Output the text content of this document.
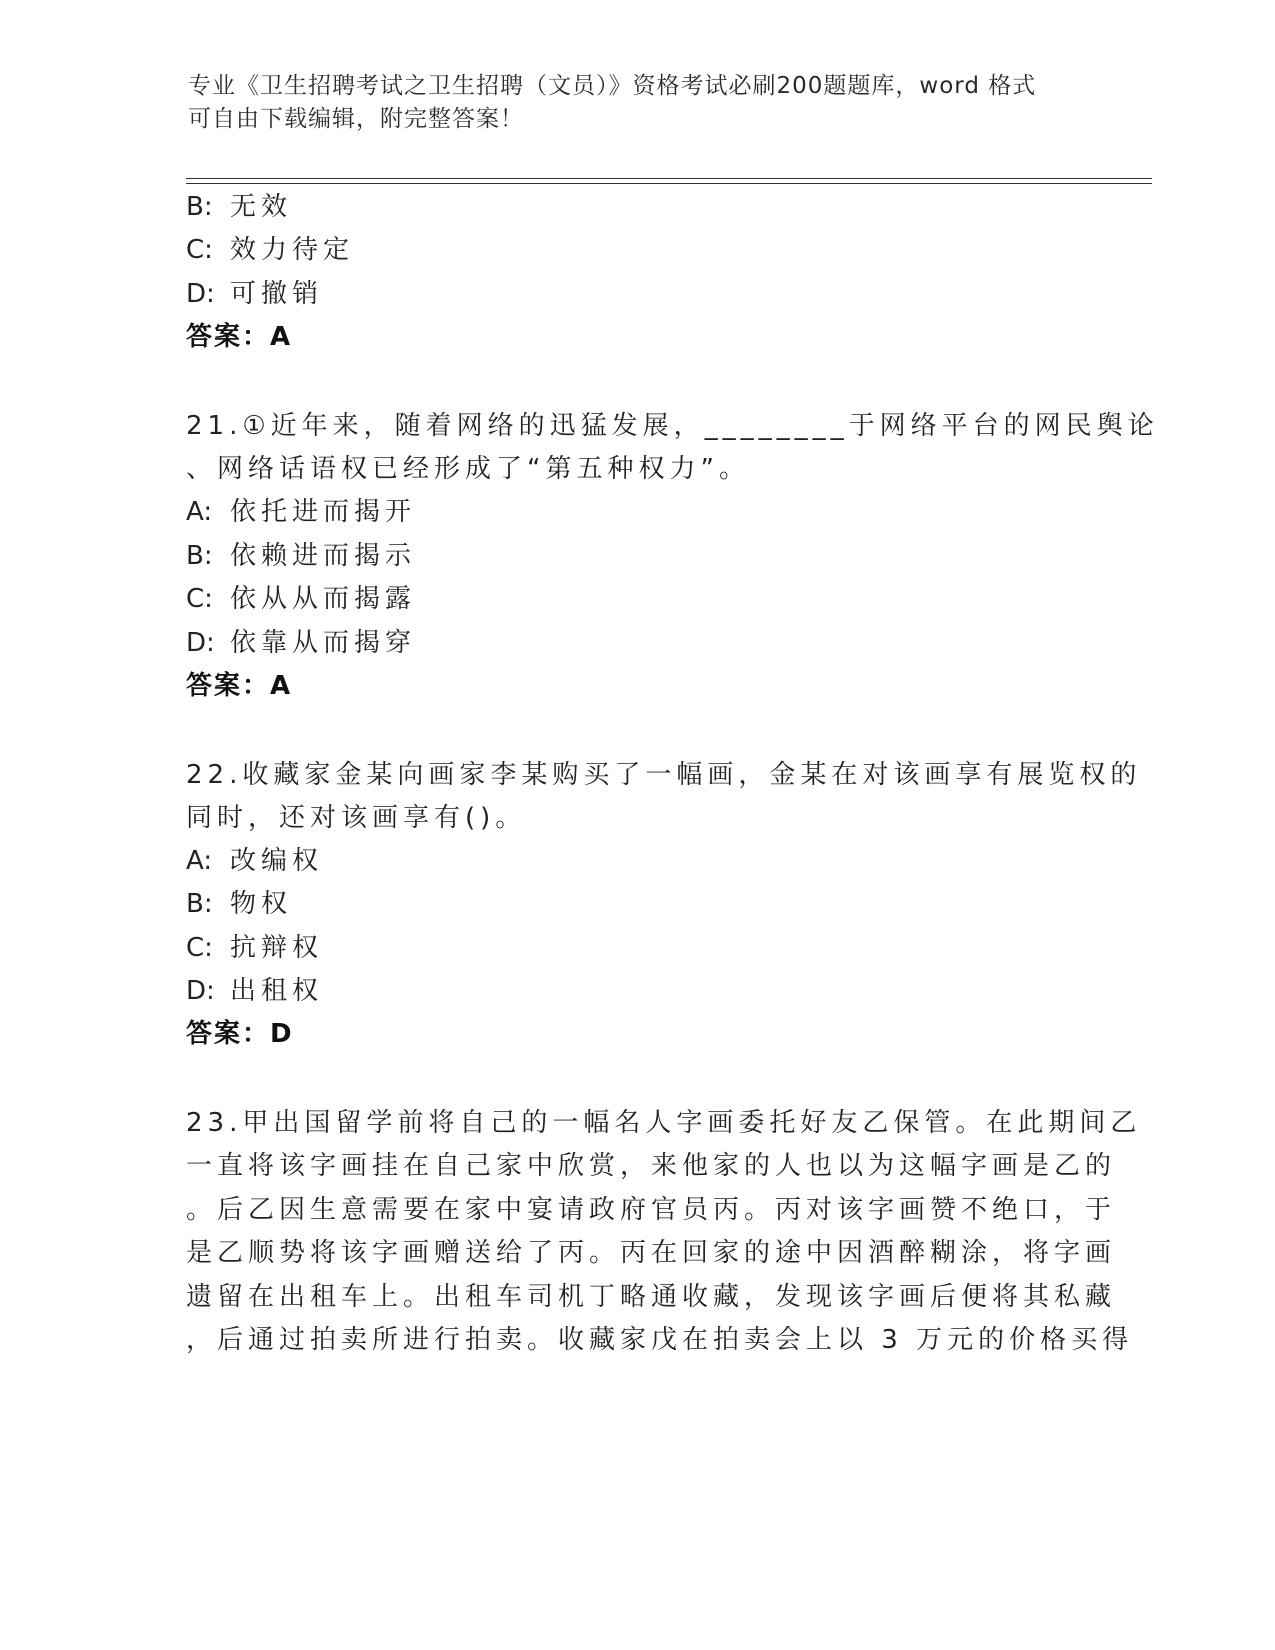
专业《卫生招聘考试之卫生招聘（文员）》资格考试必刷200题题库，word 格式
可自由下载编辑，附完整答案！
B: 无效
C: 效力待定
D: 可撤销
答案：A
21.①近年来，随着网络的迅猛发展，________于网络平台的网民舆论
、网络话语权已经形成了“第五种权力”。
A: 依托进而揭开
B: 依赖进而揭示
C: 依从从而揭露
D: 依靠从而揭穿
答案：A
22.收藏家金某向画家李某购买了一幅画，金某在对该画享有展览权的
同时，还对该画享有()。
A: 改编权
B: 物权
C: 抗辩权
D: 出租权
答案：D
23.甲出国留学前将自己的一幅名人字画委托好友乙保管。在此期间乙
一直将该字画挂在自己家中欣赏，来他家的人也以为这幅字画是乙的
。后乙因生意需要在家中宴请政府官员丙。丙对该字画赞不绝口，于
是乙顺势将该字画赠送给了丙。丙在回家的途中因酒醉糊涂，将字画
遗留在出租车上。出租车司机丁略通收藏，发现该字画后便将其私藏
，后通过拍卖所进行拍卖。收藏家戊在拍卖会上以 3 万元的价格买得
